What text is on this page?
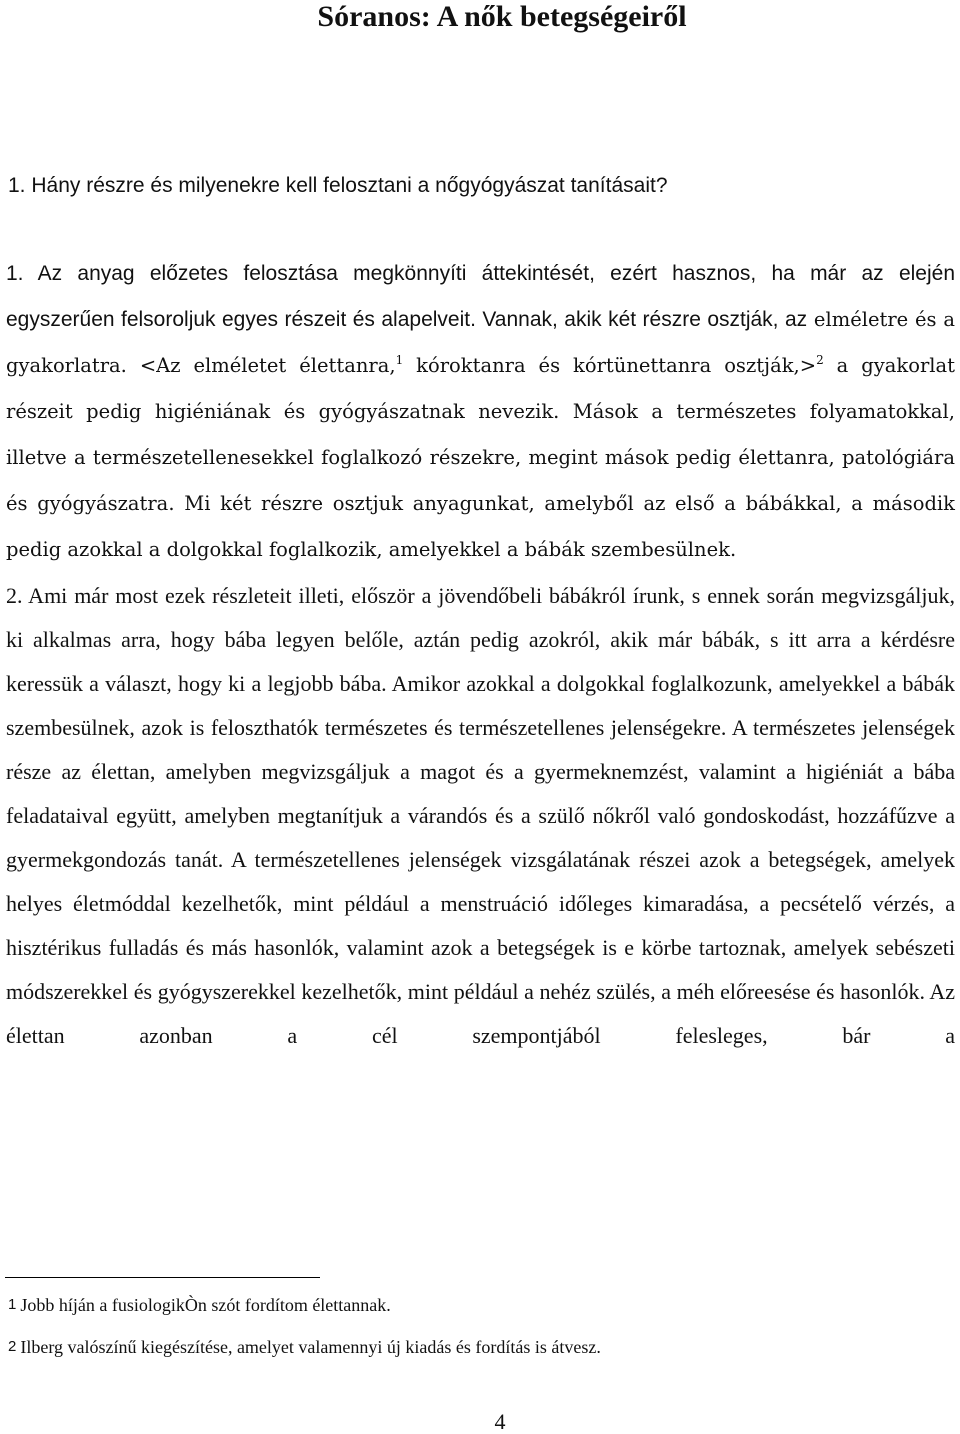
Sóranos: A nők betegségeiről
1. Hány részre és milyenekre kell felosztani a nőgyógyászat tanításait?

1. Az anyag előzetes felosztása megkönnyíti áttekintését, ezért hasznos, ha már az elején egyszerűen felsoroljuk egyes részeit és alapelveit. Vannak, akik két részre osztják, az elméletre és a gyakorlatra. <Az elméletet élettanra,$^1$ kóroktanra és kórtünettanra osztják,>$^2$ a gyakorlat részeit pedig higiéniának és gyógyászatnak nevezik. Mások a természetes folyamatokkal, illetve a természetellenesekkel foglalkozó részekre, megint mások pedig élettanra, patológiára és gyógyászatra. Mi két részre osztjuk anyagunkat, amelyből az első a bábákkal, a második pedig azokkal a dolgokkal foglalkozik, amelyekkel a bábák szembesülnek.

2. Ami már most ezek részleteit illeti, először a jövendőbeli bábákról írunk, s ennek során megvizsgáljuk, ki alkalmas arra, hogy bába legyen belőle, aztán pedig azokról, akik már bábák, s itt arra a kérdésre keressük a választ, hogy ki a legjobb bába. Amikor azokkal a dolgokkal foglalkozunk, amelyekkel a bábák szembesülnek, azok is feloszthatók természetes és természetellenes jelenségekre. A természetes jelenségek része az élettan, amelyben megvizsgáljuk a magot és a gyermeknemzést, valamint a higiéniát a bába feladataival együtt, amelyben megtanítjuk a várandós és a szülő nőkről való gondoskodást, hozzáfűzve a gyermekgondozás tanát. A természetellenes jelenségek vizsgálatának részei azok a betegségek, amelyek helyes életmóddal kezelhetők, mint például a menstruáció időleges kimaradása, a pecsételő vérzés, a hisztérikus fulladás és más hasonlók, valamint azok a betegségek is e körbe tartoznak, amelyek sebészeti módszerekkel és gyógyszerekkel kezelhetők, mint például a nehéz szülés, a méh előreesése és hasonlók. Az élettan azonban a cél szempontjából felesleges, bár a

1 Jobb híján a fusiologikÒn szót fordítom élettannak.
2 Ilberg valószínű kiegészítése, amelyet valamennyi új kiadás és fordítás is átvesz.
4
